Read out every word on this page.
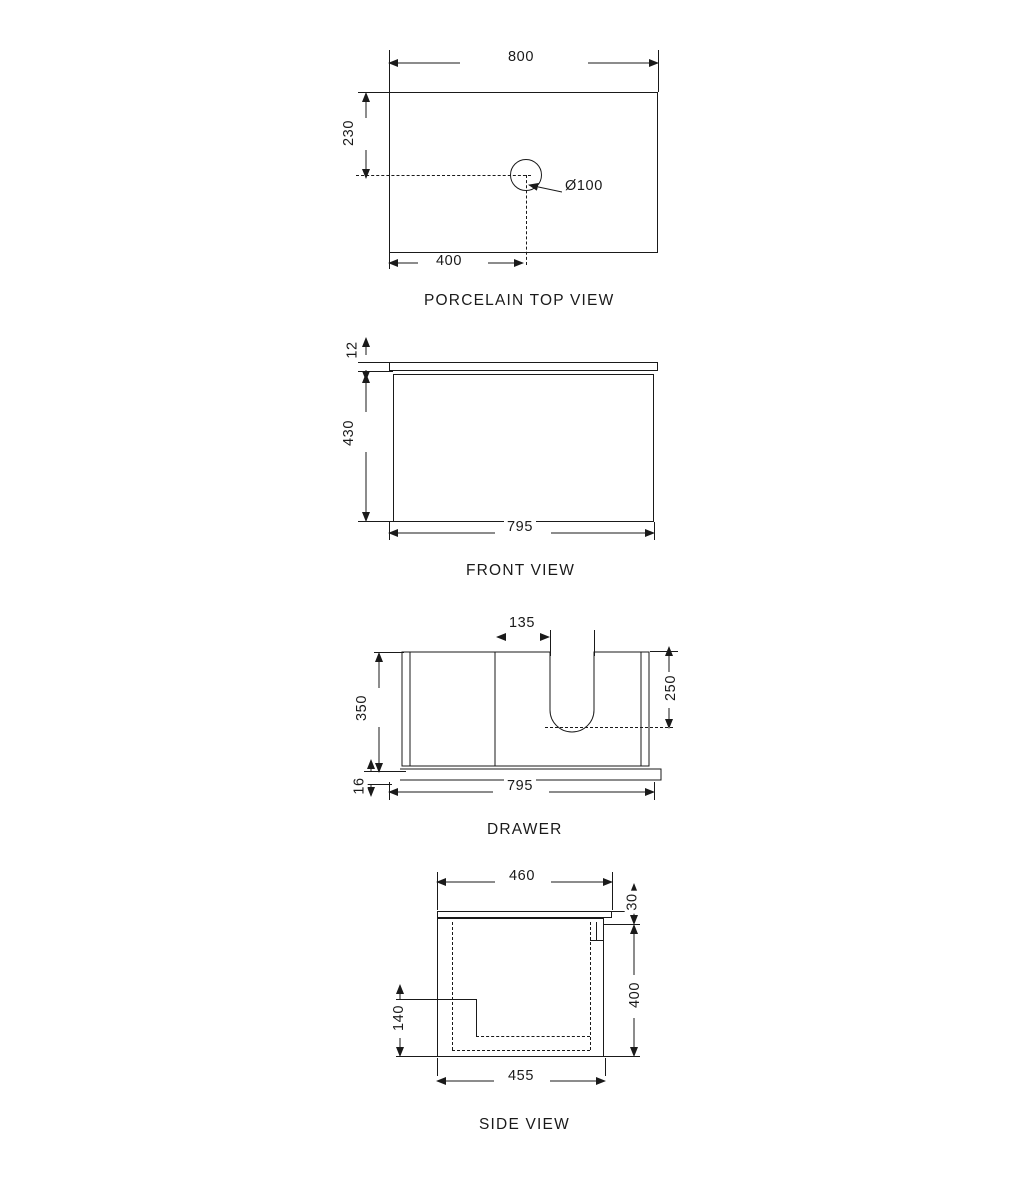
800
230
400
Ø100
PORCELAIN TOP VIEW
12
430
795
FRONT VIEW
135
350
250
16	795
DRAWER
460
30
400
140
455
SIDE VIEW
